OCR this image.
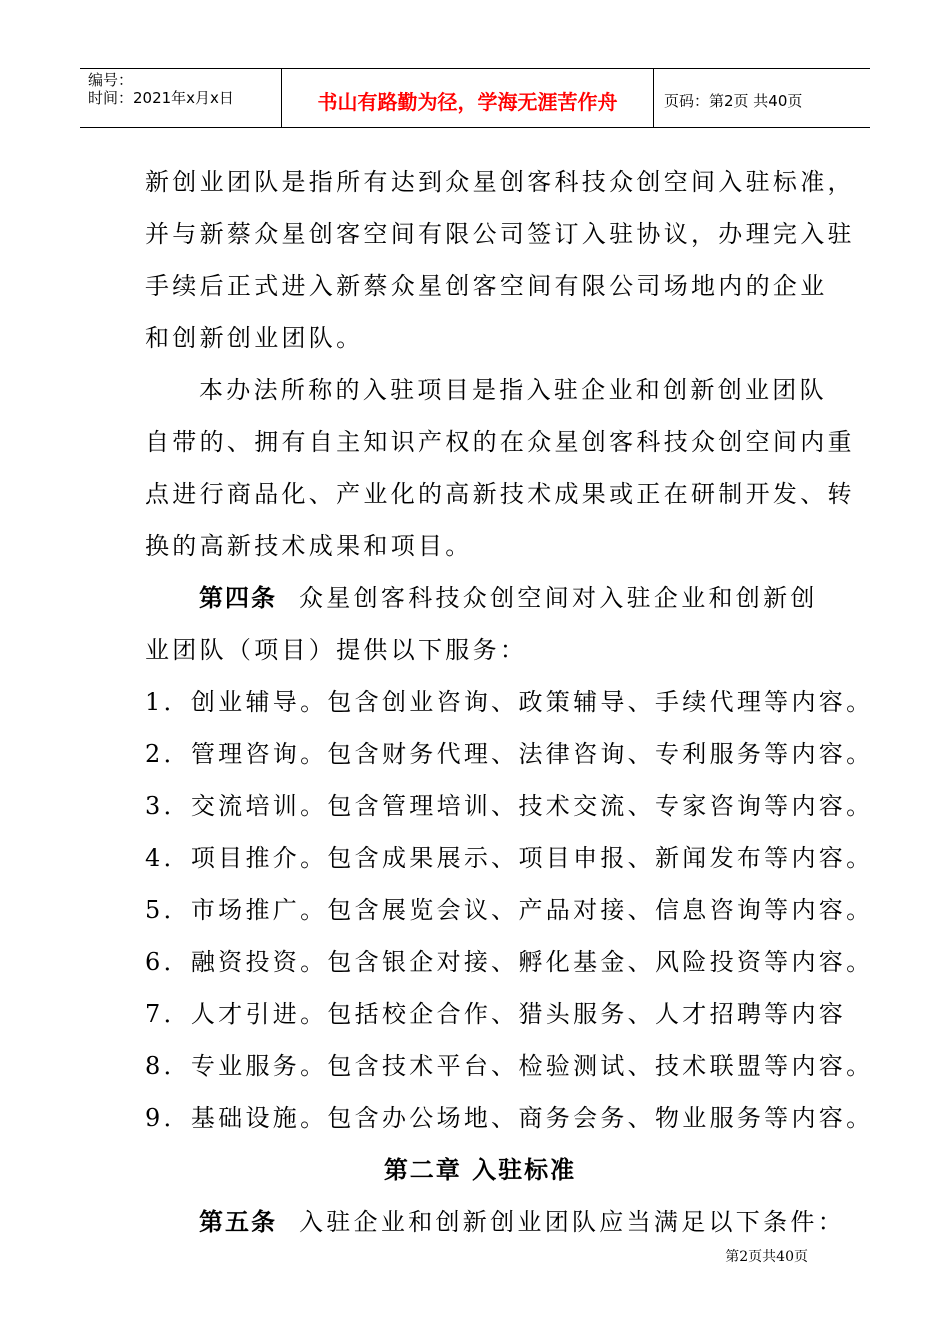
编号：
时间：2021年x月x日	书山有路勤为径，学海无涯苦作舟	页码：第2页 共40页
新创业团队是指所有达到众星创客科技众创空间入驻标准，
并与新蔡众星创客空间有限公司签订入驻协议，办理完入驻
手续后正式进入新蔡众星创客空间有限公司场地内的企业
和创新创业团队。
本办法所称的入驻项目是指入驻企业和创新创业团队
自带的、拥有自主知识产权的在众星创客科技众创空间内重
点进行商品化、产业化的高新技术成果或正在研制开发、转
换的高新技术成果和项目。
第四条 众星创客科技众创空间对入驻企业和创新创
业团队（项目）提供以下服务：
1．创业辅导。包含创业咨询、政策辅导、手续代理等内容。
2．管理咨询。包含财务代理、法律咨询、专利服务等内容。
3．交流培训。包含管理培训、技术交流、专家咨询等内容。
4．项目推介。包含成果展示、项目申报、新闻发布等内容。
5．市场推广。包含展览会议、产品对接、信息咨询等内容。
6．融资投资。包含银企对接、孵化基金、风险投资等内容。
7．人才引进。包括校企合作、猎头服务、人才招聘等内容
8．专业服务。包含技术平台、检验测试、技术联盟等内容。
9．基础设施。包含办公场地、商务会务、物业服务等内容。
第二章 入驻标准
第五条 入驻企业和创新创业团队应当满足以下条件：
第2页共40页
